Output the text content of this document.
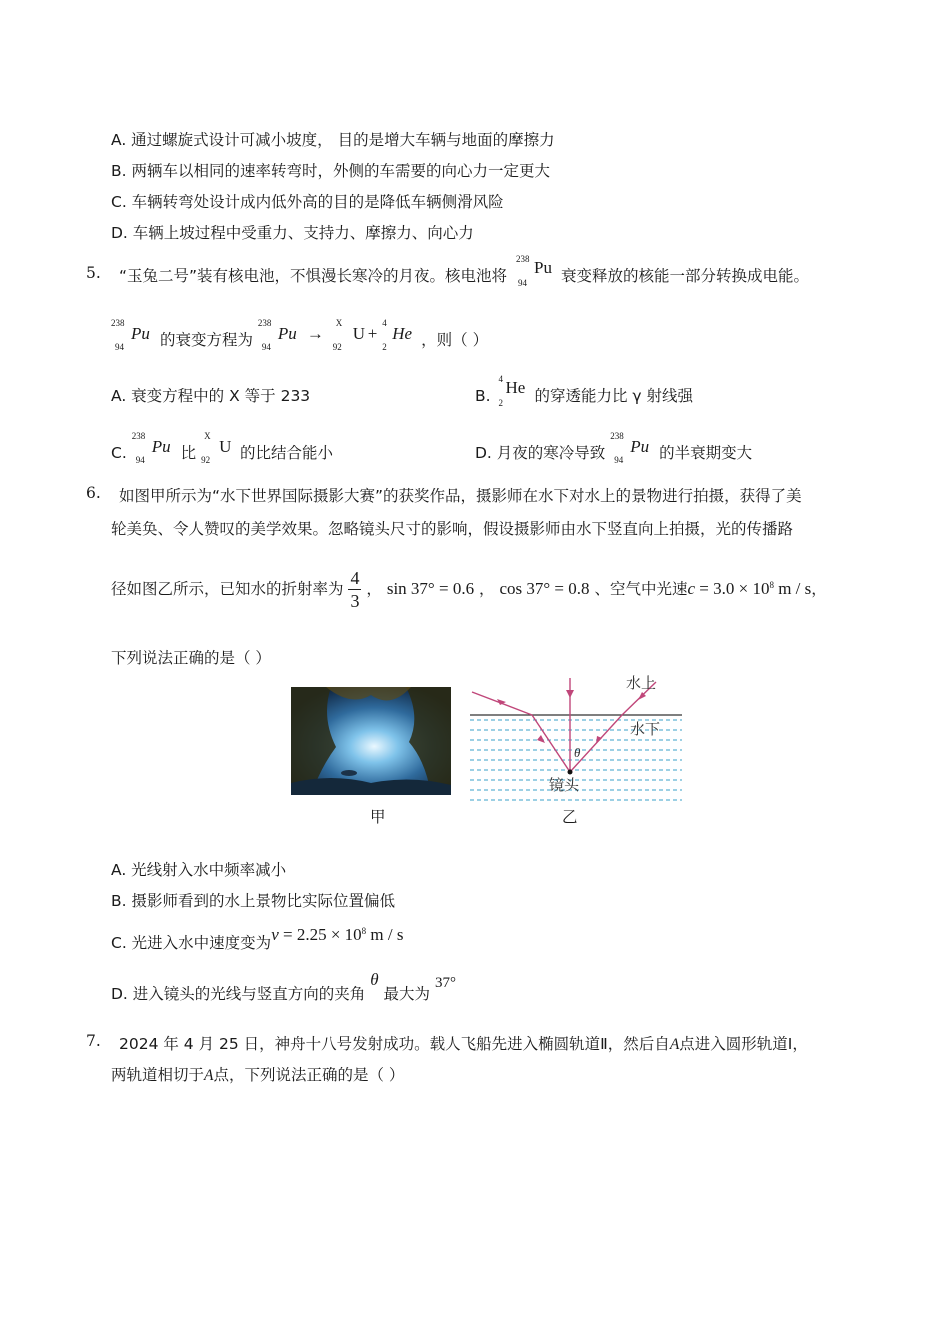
A. 通过螺旋式设计可减小坡度， 目的是增大车辆与地面的摩擦力
B. 两辆车以相同的速率转弯时，外侧的车需要的向心力一定更大
C. 车辆转弯处设计成内低外高的目的是降低车辆侧滑风险
D. 车辆上坡过程中受重力、支持力、摩擦力、向心力
5. “玉兔二号”装有核电池，不惧漫长寒冷的月夜。核电池将
238
94
Pu 衰变释放的核能一部分转换成电能。
238
94
Pu 的衰变方程为
238
94
Pu →
X
92
U +
4
2
He ，则（ ）
A. 衰变方程中的 X 等于 233	B.
4
2
He 的穿透能力比 γ 射线强
C.
238
94
Pu 比
X
92
U 的比结合能小	D. 月夜的寒冷导致
238
94
Pu 的半衰期变大
6. 如图甲所示为“水下世界国际摄影大赛”的获奖作品，摄影师在水下对水上的景物进行拍摄，获得了美
轮美奂、令人赞叹的美学效果。忽略镜头尺寸的影响，假设摄影师由水下竖直向上拍摄，光的传播路
径如图乙所示，已知水的折射率为 $\frac{4}{3}$ ， sin 37° = 0.6 ， cos 37° = 0.8 、空气中光速$c = 3.0 \times 10^8$ m / s，
下列说法正确的是（ ）
甲
水上
水下
镜头
θ
乙
A. 光线射入水中频率减小
B. 摄影师看到的水上景物比实际位置偏低
C. 光进入水中速度变为$v = 2.25 \times 10^8$ m / s
D. 进入镜头的光线与竖直方向的夹角 θ 最大为 37°
7. 2024 年 4 月 25 日，神舟十八号发射成功。载人飞船先进入椭圆轨道Ⅱ，然后自A点进入圆形轨道Ⅰ，
两轨道相切于A点，下列说法正确的是（ ）
